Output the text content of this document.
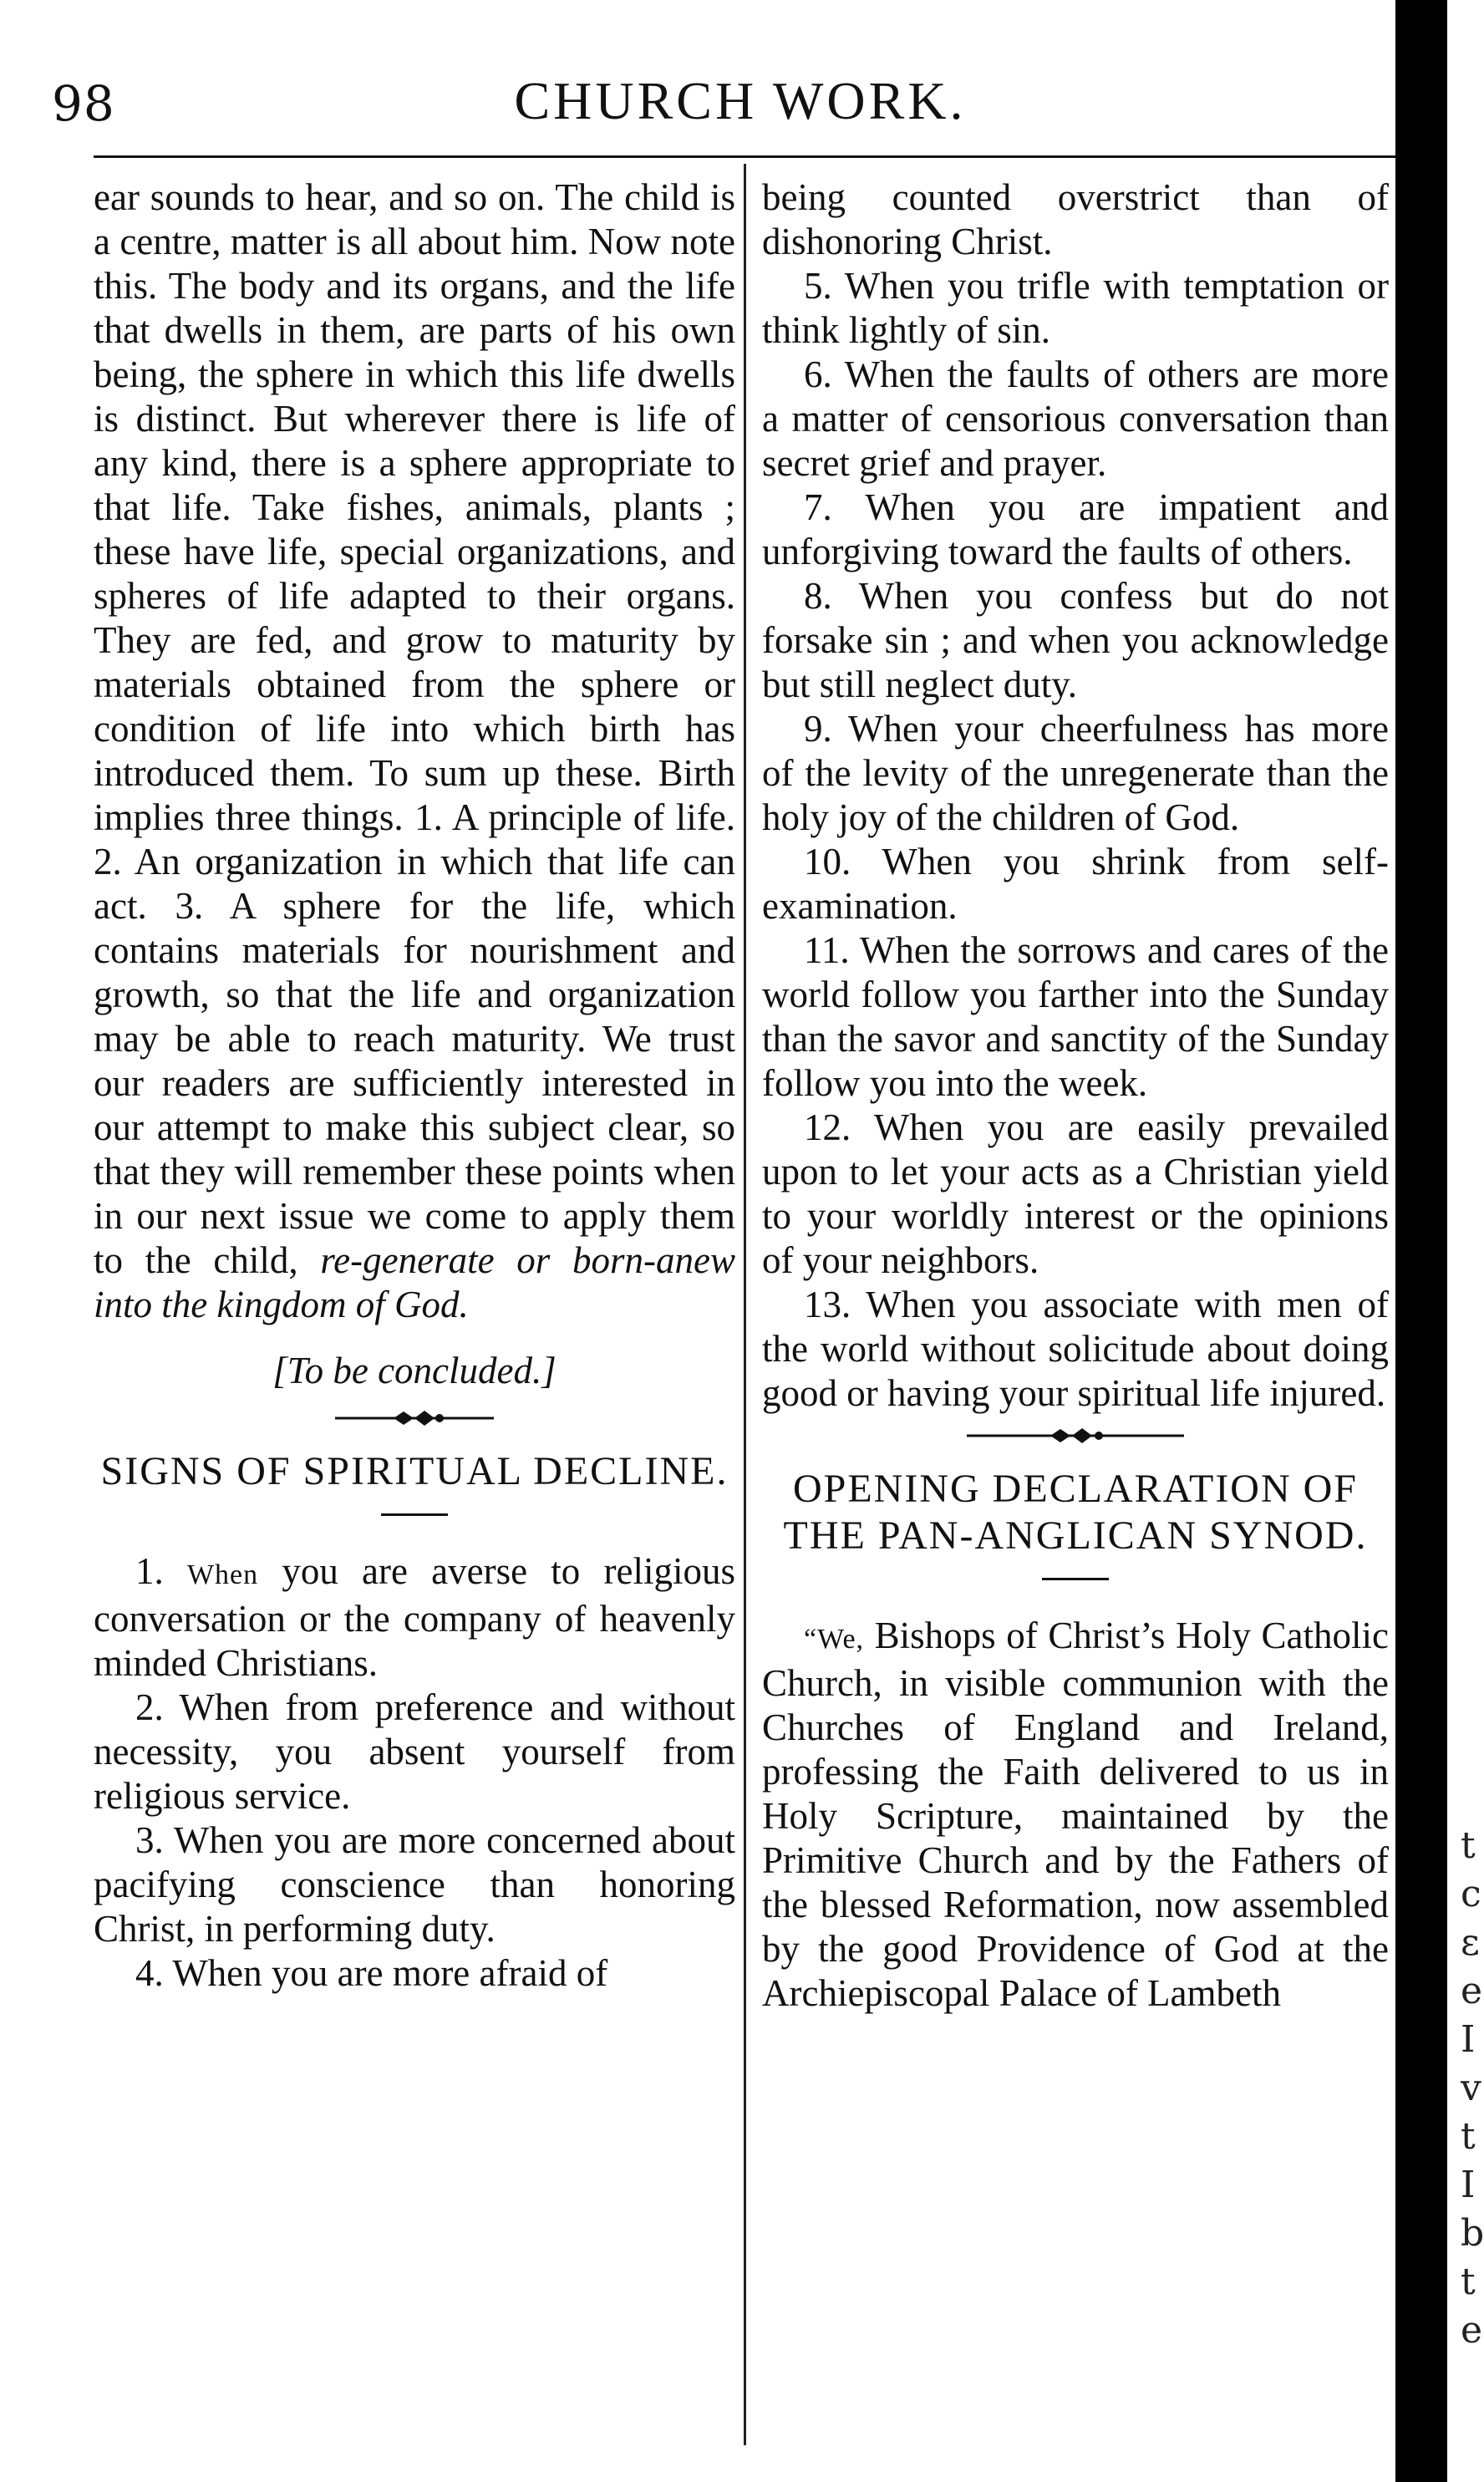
98	CHURCH WORK.
t
c
ε
e
I
v
t
I
b
t
e

ear sounds to hear, and so on. The child is a centre, matter is all about him. Now note this. The body and its organs, and the life that dwells in them, are parts of his own being, the sphere in which this life dwells is distinct. But wherever there is life of any kind, there is a sphere appropriate to that life. Take fishes, animals, plants ; these have life, special organizations, and spheres of life adapted to their organs. They are fed, and grow to maturity by materials obtained from the sphere or condition of life into which birth has introduced them. To sum up these. Birth implies three things. 1. A principle of life. 2. An organization in which that life can act. 3. A sphere for the life, which contains materials for nourishment and growth, so that the life and organization may be able to reach maturity. We trust our readers are sufficiently interested in our attempt to make this subject clear, so that they will remember these points when in our next issue we come to apply them to the child, re-generate or born-anew into the kingdom of God.

[To be concluded.]
SIGNS OF SPIRITUAL DECLINE.

1. When you are averse to religious conversation or the company of heavenly minded Christians.

2. When from preference and without necessity, you absent yourself from religious service.

3. When you are more concerned about pacifying conscience than honoring Christ, in performing duty.

4. When you are more afraid of

being counted overstrict than of dishonoring Christ.

5. When you trifle with temptation or think lightly of sin.

6. When the faults of others are more a matter of censorious conversation than secret grief and prayer.

7. When you are impatient and unforgiving toward the faults of others.

8. When you confess but do not forsake sin ; and when you acknowledge but still neglect duty.

9. When your cheerfulness has more of the levity of the unregenerate than the holy joy of the children of God.

10. When you shrink from self-examination.

11. When the sorrows and cares of the world follow you farther into the Sunday than the savor and sanctity of the Sunday follow you into the week.

12. When you are easily prevailed upon to let your acts as a Christian yield to your worldly interest or the opinions of your neighbors.

13. When you associate with men of the world without solicitude about doing good or having your spiritual life injured.

OPENING DECLARATION OF THE PAN-ANGLICAN SYNOD.

“We, Bishops of Christ’s Holy Catholic Church, in visible communion with the Churches of England and Ireland, professing the Faith delivered to us in Holy Scripture, maintained by the Primitive Church and by the Fathers of the blessed Reformation, now assembled by the good Providence of God at the Archiepiscopal Palace of Lambeth
